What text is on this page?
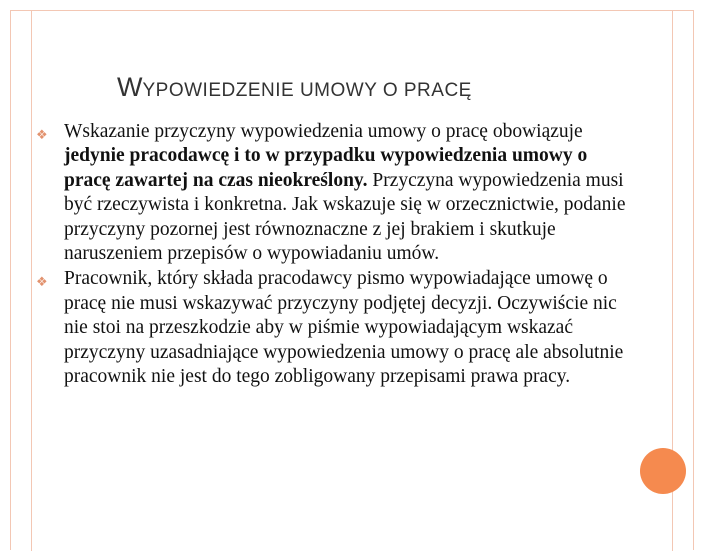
WYPOWIEDZENIE UMOWY O PRACĘ
❖ Wskazanie przyczyny wypowiedzenia umowy o pracę obowiązuje jedynie pracodawcę i to w przypadku wypowiedzenia umowy o pracę zawartej na czas nieokreślony. Przyczyna wypowiedzenia musi być rzeczywista i konkretna. Jak wskazuje się w orzecznictwie, podanie przyczyny pozornej jest równoznaczne z jej brakiem i skutkuje naruszeniem przepisów o wypowiadaniu umów.
❖ Pracownik, który składa pracodawcy pismo wypowiadające umowę o pracę nie musi wskazywać przyczyny podjętej decyzji. Oczywiście nic nie stoi na przeszkodzie aby w piśmie wypowiadającym wskazać przyczyny uzasadniające wypowiedzenia umowy o pracę ale absolutnie pracownik nie jest do tego zobligowany przepisami prawa pracy.
